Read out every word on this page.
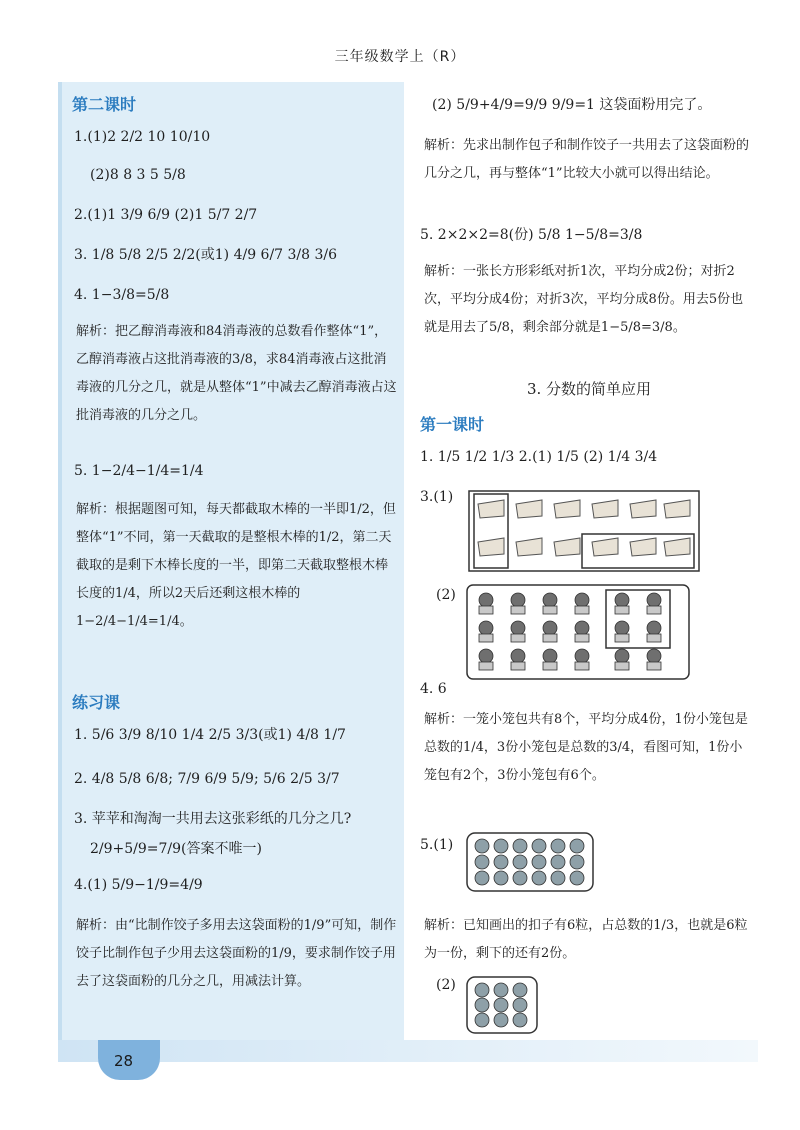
28
三年级数学上（R）
第二课时
1.(1)2 2/2 10 10/10
(2)8 8 3 5 5/8
2.(1)1 3/9 6/9 (2)1 5/7 2/7
3. 1/8 5/8 2/5 2/2(或1) 4/9 6/7 3/8 3/6
4. 1−3/8=5/8
解析：把乙醇消毒液和84消毒液的总数看作整体“1”，乙醇消毒液占这批消毒液的3/8，求84消毒液占这批消毒液的几分之几，就是从整体“1”中减去乙醇消毒液占这批消毒液的几分之几。
5. 1−2/4−1/4=1/4
解析：根据题图可知，每天都截取木棒的一半即1/2，但整体“1”不同，第一天截取的是整根木棒的1/2，第二天截取的是剩下木棒长度的一半，即第二天截取整根木棒长度的1/4，所以2天后还剩这根木棒的1−2/4−1/4=1/4。
练习课
1. 5/6 3/9 8/10 1/4 2/5 3/3(或1) 4/8 1/7
2. 4/8 5/8 6/8; 7/9 6/9 5/9; 5/6 2/5 3/7
3. 苹苹和淘淘一共用去这张彩纸的几分之几?
2/9+5/9=7/9(答案不唯一)
4.(1) 5/9−1/9=4/9
解析：由“比制作饺子多用去这袋面粉的1/9”可知，制作饺子比制作包子少用去这袋面粉的1/9，要求制作饺子用去了这袋面粉的几分之几，用减法计算。
(2) 5/9+4/9=9/9 9/9=1 这袋面粉用完了。
解析：先求出制作包子和制作饺子一共用去了这袋面粉的几分之几，再与整体“1”比较大小就可以得出结论。
5. 2×2×2=8(份) 5/8 1−5/8=3/8
解析：一张长方形彩纸对折1次，平均分成2份；对折2次，平均分成4份；对折3次，平均分成8份。用去5份也就是用去了5/8，剩余部分就是1−5/8=3/8。
3. 分数的简单应用
第一课时
1. 1/5 1/2 1/3 2.(1) 1/5 (2) 1/4 3/4
3.(1)
(2)
4. 6
解析：一笼小笼包共有8个，平均分成4份，1份小笼包是总数的1/4，3份小笼包是总数的3/4，看图可知，1份小笼包有2个，3份小笼包有6个。
5.(1)
解析：已知画出的扣子有6粒，占总数的1/3，也就是6粒为一份，剩下的还有2份。
(2)
